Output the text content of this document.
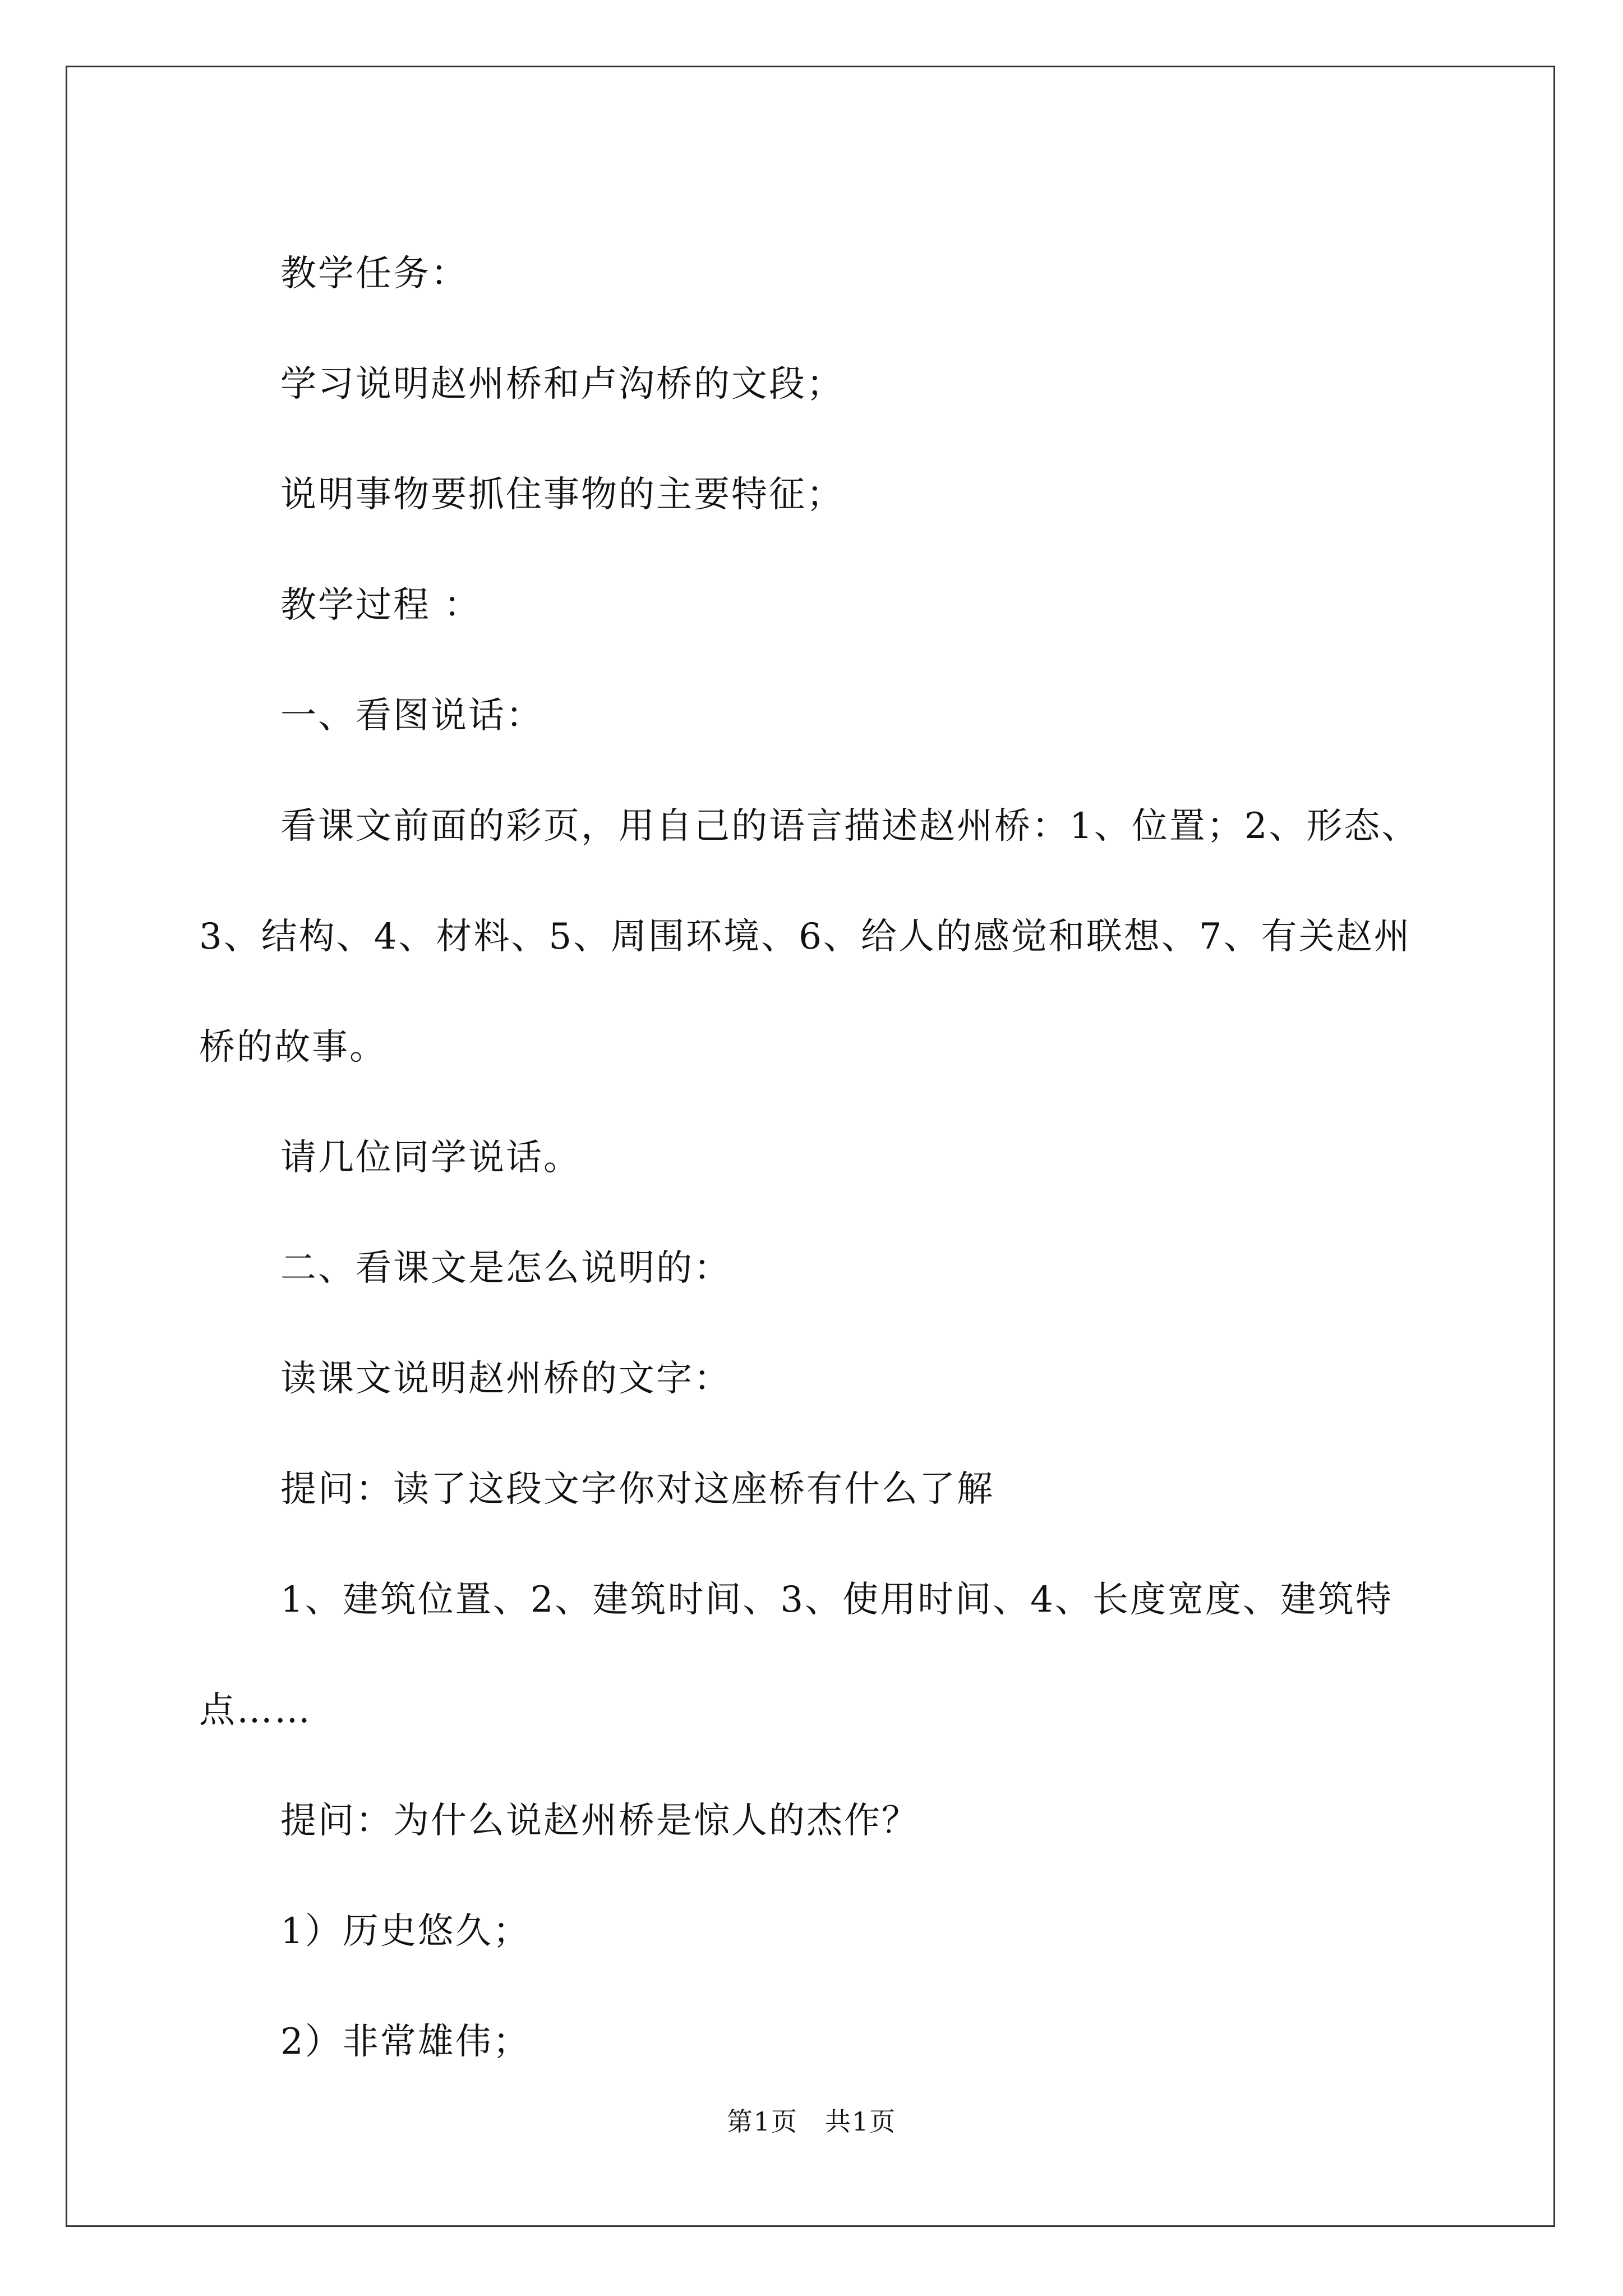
教学任务：

学习说明赵州桥和卢沟桥的文段；

说明事物要抓住事物的主要特征；

教学过程 ：

一、看图说话：

看课文前面的彩页，用自己的语言描述赵州桥：1、位置；2、形态、3、结构、4、材料、5、周围环境、6、给人的感觉和联想、7、有关赵州桥的故事。

请几位同学说话。

二、看课文是怎么说明的：

读课文说明赵州桥的文字：

提问：读了这段文字你对这座桥有什么了解

1、建筑位置、2、建筑时间、3、使用时间、4、长度宽度、建筑特点……

提问：为什么说赵州桥是惊人的杰作？

1）历史悠久；

2）非常雄伟；

第1页　共1页
